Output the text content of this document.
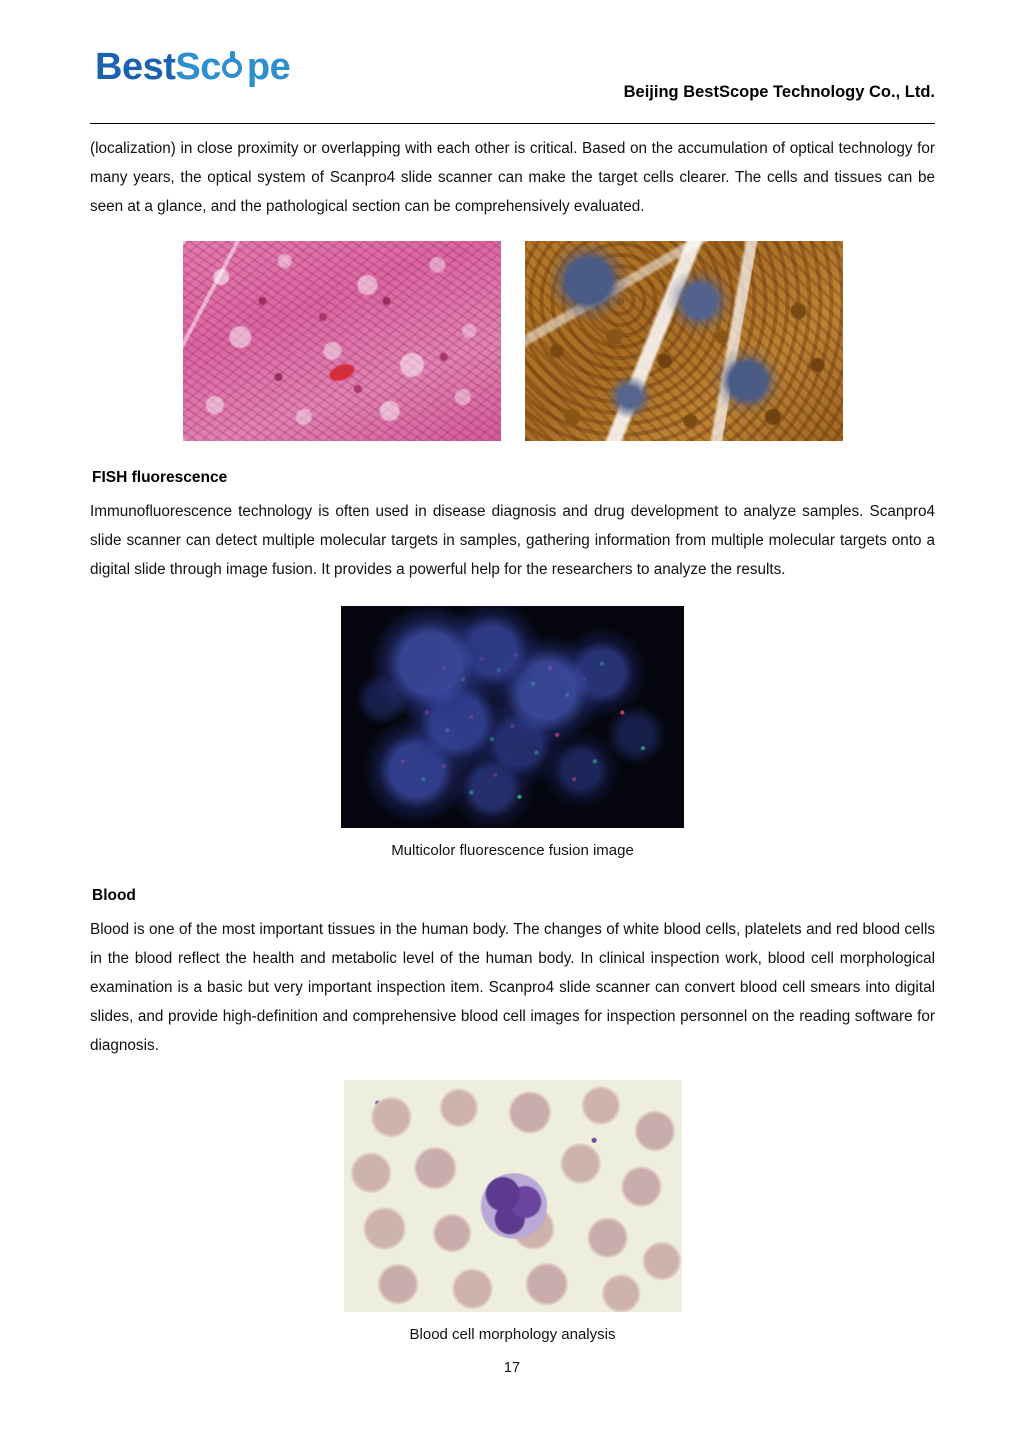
BestSc pe
Beijing BestScope Technology Co., Ltd.

(localization) in close proximity or overlapping with each other is critical. Based on the accumulation of optical technology for many years, the optical system of Scanpro4 slide scanner can make the target cells clearer. The cells and tissues can be seen at a glance, and the pathological section can be comprehensively evaluated.

FISH fluorescence

Immunofluorescence technology is often used in disease diagnosis and drug development to analyze samples. Scanpro4 slide scanner can detect multiple molecular targets in samples, gathering information from multiple molecular targets onto a digital slide through image fusion. It provides a powerful help for the researchers to analyze the results.

Multicolor fluorescence fusion image
Blood

Blood is one of the most important tissues in the human body. The changes of white blood cells, platelets and red blood cells in the blood reflect the health and metabolic level of the human body. In clinical inspection work, blood cell morphological examination is a basic but very important inspection item. Scanpro4 slide scanner can convert blood cell smears into digital slides, and provide high-definition and comprehensive blood cell images for inspection personnel on the reading software for diagnosis.

Blood cell morphology analysis
17
